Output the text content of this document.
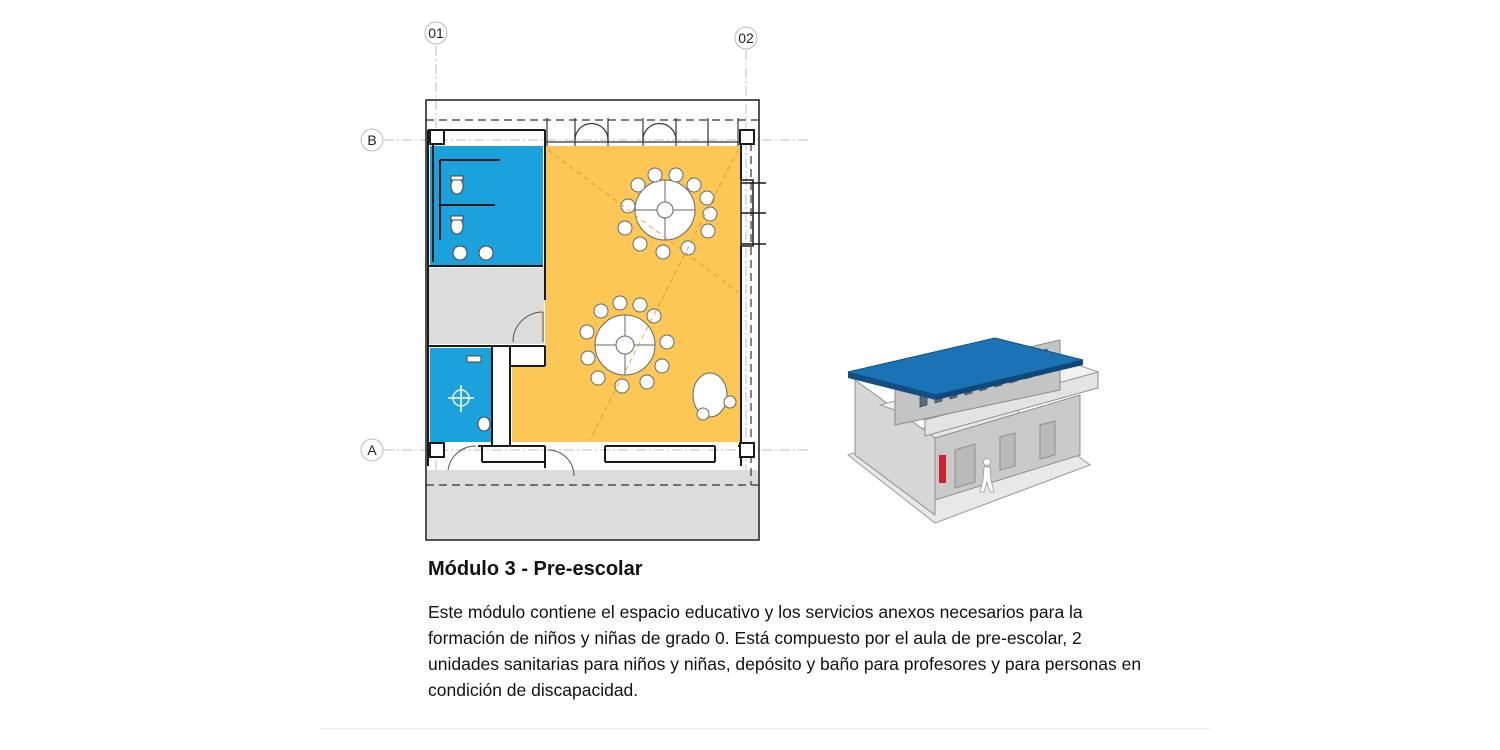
01	02
B
A
Módulo 3 - Pre-escolar

Este módulo contiene el espacio educativo y los servicios anexos necesarios para la formación de niños y niñas de grado 0. Está compuesto por el aula de pre-escolar, 2 unidades sanitarias para niños y niñas, depósito y baño para profesores y para personas en condición de discapacidad.
